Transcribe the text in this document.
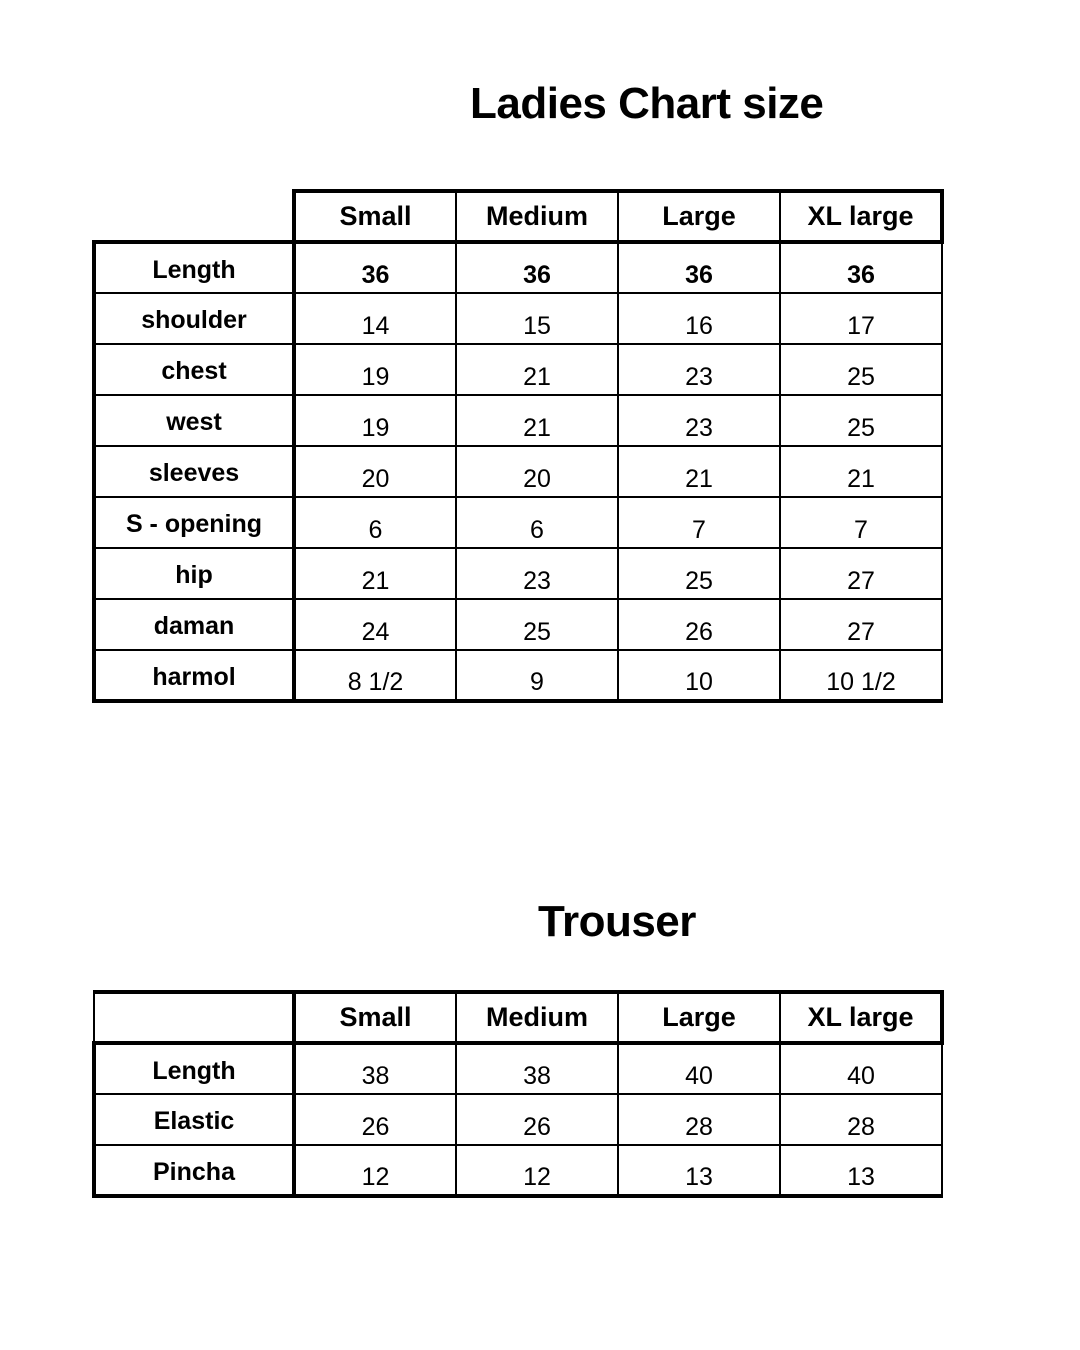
Ladies Chart size
	Small	Medium	Large	XL large
Length	36	36	36	36
shoulder	14	15	16	17
chest	19	21	23	25
west	19	21	23	25
sleeves	20	20	21	21
S - opening	6	6	7	7
hip	21	23	25	27
daman	24	25	26	27
harmol	8 1/2	9	10	10 1/2
Trouser
	Small	Medium	Large	XL large
Length	38	38	40	40
Elastic	26	26	28	28
Pincha	12	12	13	13
